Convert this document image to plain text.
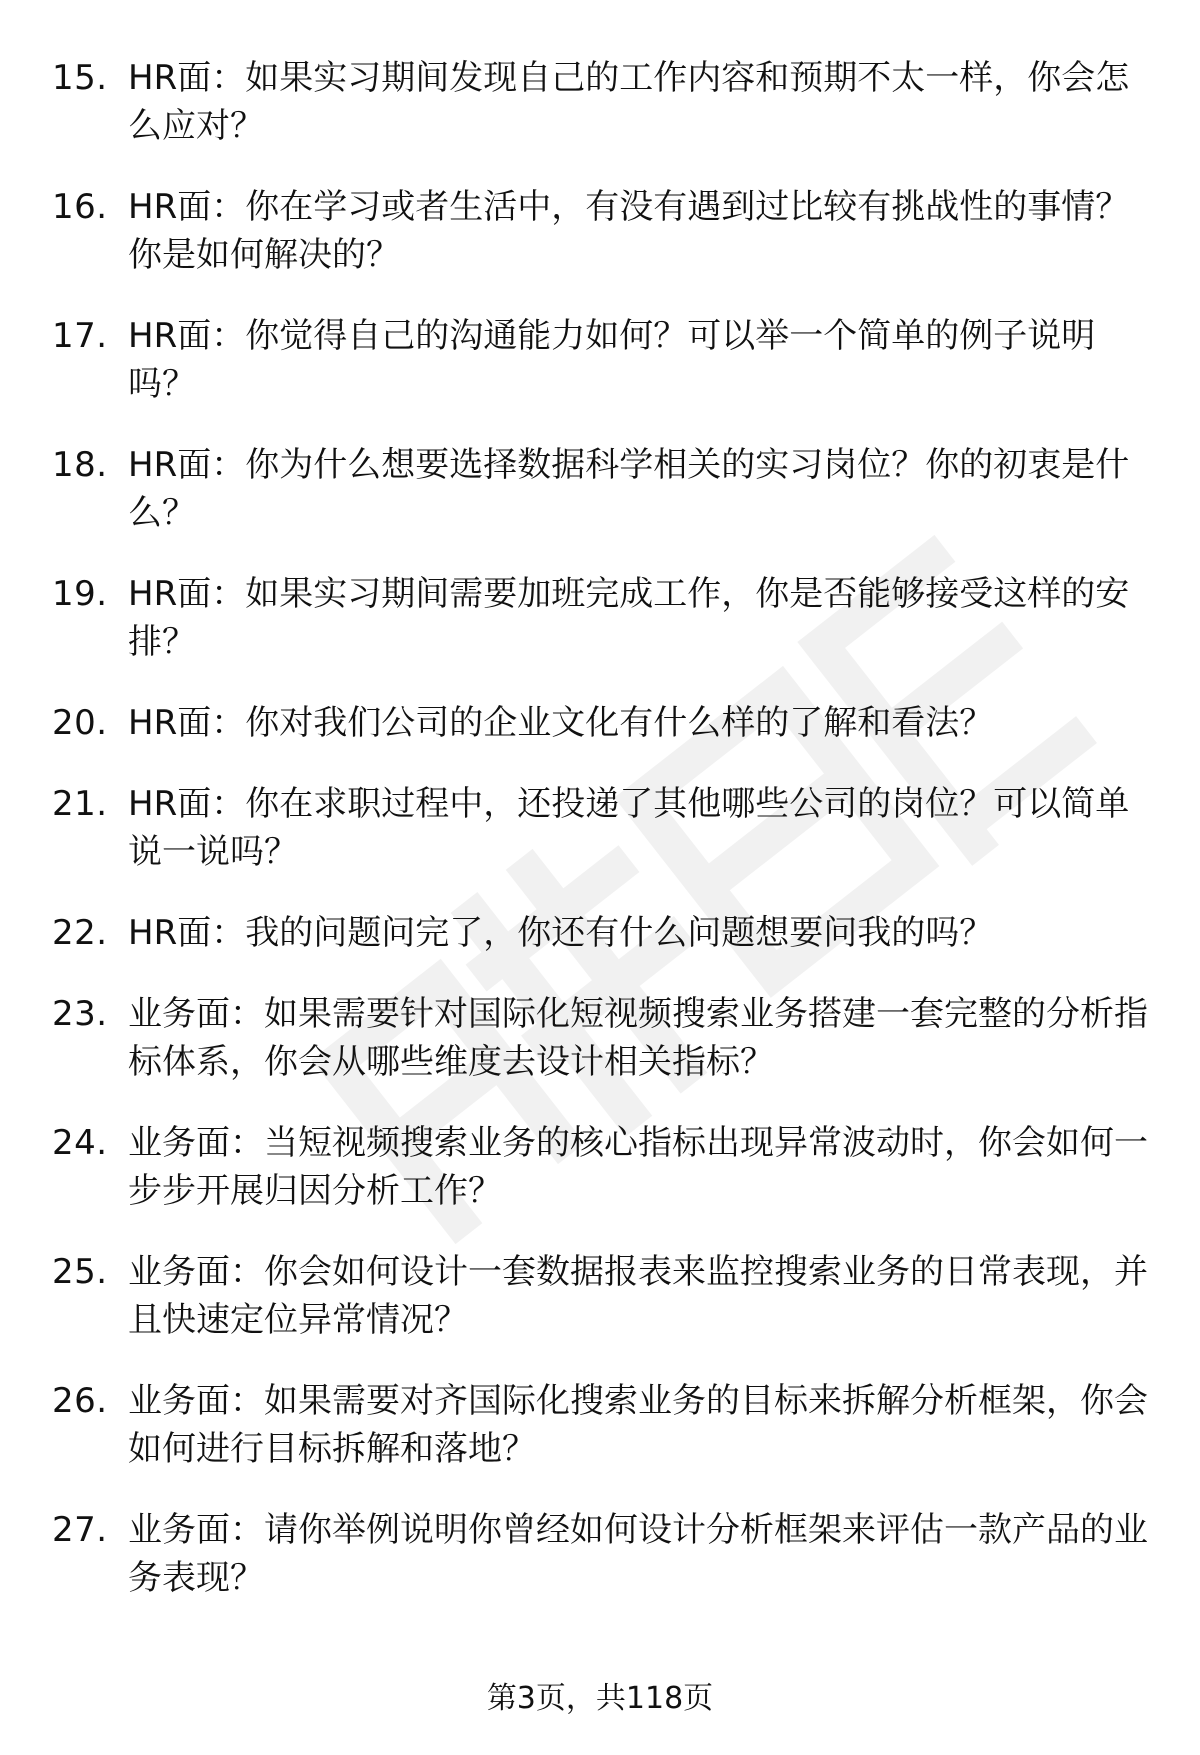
15. HR面：如果实习期间发现自己的工作内容和预期不太一样，你会怎么应对？
16. HR面：你在学习或者生活中，有没有遇到过比较有挑战性的事情？你是如何解决的？
17. HR面：你觉得自己的沟通能力如何？可以举一个简单的例子说明吗？
18. HR面：你为什么想要选择数据科学相关的实习岗位？你的初衷是什么？
19. HR面：如果实习期间需要加班完成工作，你是否能够接受这样的安排？
20. HR面：你对我们公司的企业文化有什么样的了解和看法？
21. HR面：你在求职过程中，还投递了其他哪些公司的岗位？可以简单说一说吗？
22. HR面：我的问题问完了，你还有什么问题想要问我的吗？
23. 业务面：如果需要针对国际化短视频搜索业务搭建一套完整的分析指标体系，你会从哪些维度去设计相关指标？
24. 业务面：当短视频搜索业务的核心指标出现异常波动时，你会如何一步步开展归因分析工作？
25. 业务面：你会如何设计一套数据报表来监控搜索业务的日常表现，并且快速定位异常情况？
26. 业务面：如果需要对齐国际化搜索业务的目标来拆解分析框架，你会如何进行目标拆解和落地？
27. 业务面：请你举例说明你曾经如何设计分析框架来评估一款产品的业务表现？
第3页，共118页
